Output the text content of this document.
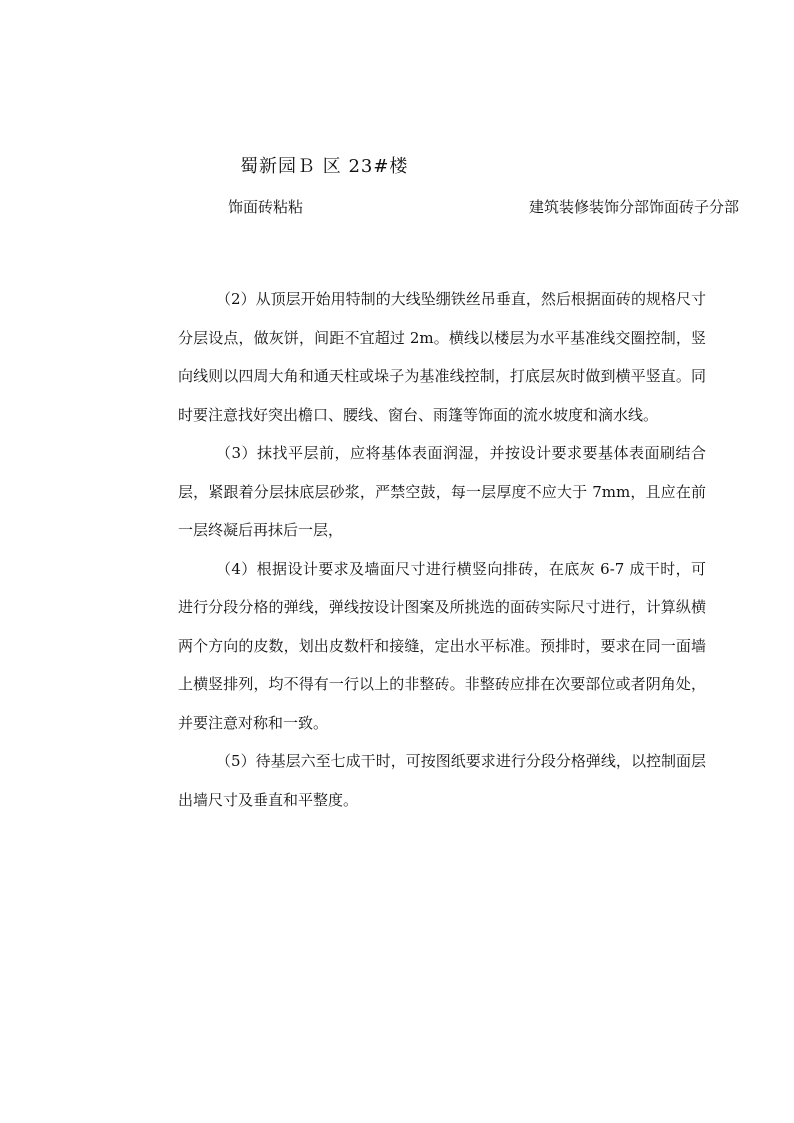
蜀新园Ｂ 区 23#楼
饰面砖粘粘	建筑装修装饰分部饰面砖子分部

（2）从顶层开始用特制的大线坠绷铁丝吊垂直，然后根据面砖的规格尺寸分层设点，做灰饼，间距不宜超过 2m。横线以楼层为水平基准线交圈控制，竖向线则以四周大角和通天柱或垛子为基准线控制，打底层灰时做到横平竖直。同时要注意找好突出檐口、腰线、窗台、雨篷等饰面的流水坡度和滴水线。

（3）抹找平层前，应将基体表面润湿，并按设计要求要基体表面刷结合层，紧跟着分层抹底层砂浆，严禁空鼓，每一层厚度不应大于 7mm，且应在前一层终凝后再抹后一层，

（4）根据设计要求及墙面尺寸进行横竖向排砖，在底灰 6-7 成干时，可进行分段分格的弹线，弹线按设计图案及所挑选的面砖实际尺寸进行，计算纵横两个方向的皮数，划出皮数杆和接缝，定出水平标准。预排时，要求在同一面墙上横竖排列，均不得有一行以上的非整砖。非整砖应排在次要部位或者阴角处，并要注意对称和一致。

（5）待基层六至七成干时，可按图纸要求进行分段分格弹线，以控制面层出墙尺寸及垂直和平整度。
